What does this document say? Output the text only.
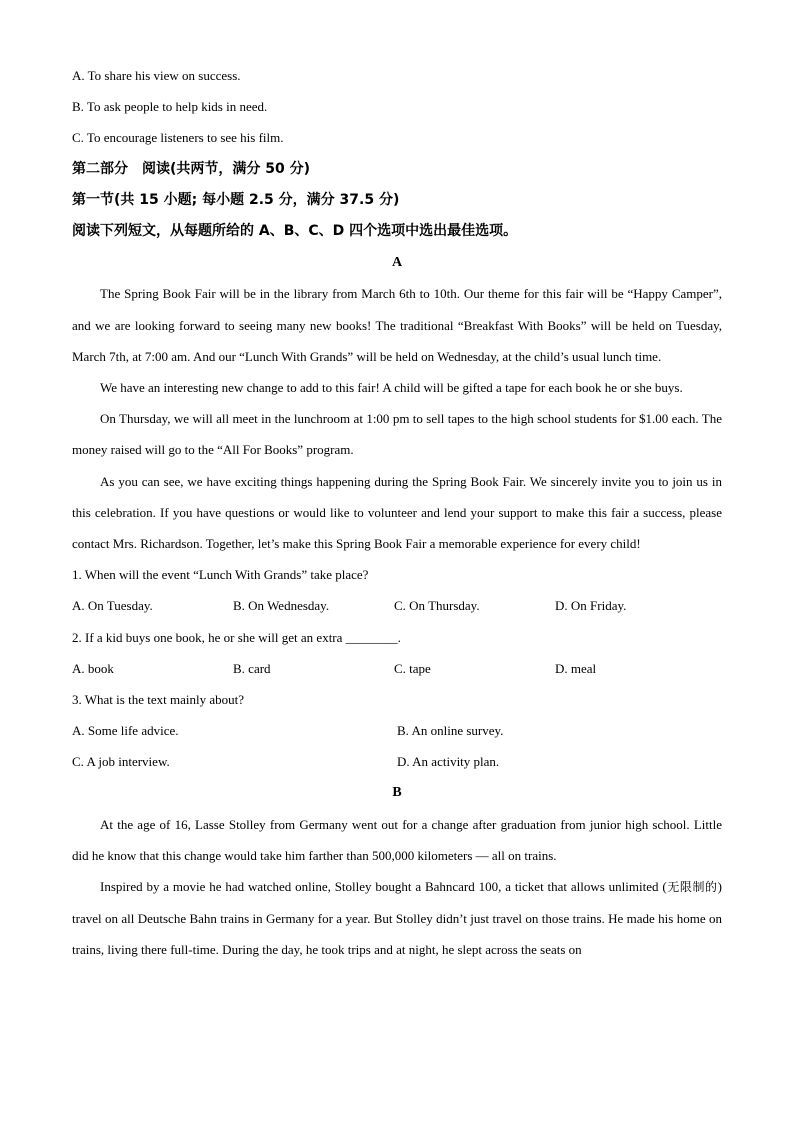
A. To share his view on success.
B. To ask people to help kids in need.
C. To encourage listeners to see his film.
第二部分　阅读(共两节，满分 50 分)
第一节(共 15 小题; 每小题 2.5 分，满分 37.5 分)
阅读下列短文，从每题所给的 A、B、C、D 四个选项中选出最佳选项。
A

The Spring Book Fair will be in the library from March 6th to 10th. Our theme for this fair will be “Happy Camper”, and we are looking forward to seeing many new books! The traditional “Breakfast With Books” will be held on Tuesday, March 7th, at 7:00 am. And our “Lunch With Grands” will be held on Wednesday, at the child’s usual lunch time.

We have an interesting new change to add to this fair! A child will be gifted a tape for each book he or she buys.

On Thursday, we will all meet in the lunchroom at 1:00 pm to sell tapes to the high school students for $1.00 each. The money raised will go to the “All For Books” program.

As you can see, we have exciting things happening during the Spring Book Fair. We sincerely invite you to join us in this celebration. If you have questions or would like to volunteer and lend your support to make this fair a success, please contact Mrs. Richardson. Together, let’s make this Spring Book Fair a memorable experience for every child!

1. When will the event “Lunch With Grands” take place?
A. On Tuesday.	B. On Wednesday.	C. On Thursday.	D. On Friday.
2. If a kid buys one book, he or she will get an extra ________.
A. book	B. card	C. tape	D. meal
3. What is the text mainly about?
A. Some life advice.	B. An online survey.
C. A job interview.	D. An activity plan.
B

At the age of 16, Lasse Stolley from Germany went out for a change after graduation from junior high school. Little did he know that this change would take him farther than 500,000 kilometers — all on trains.

Inspired by a movie he had watched online, Stolley bought a Bahncard 100, a ticket that allows unlimited (无限制的) travel on all Deutsche Bahn trains in Germany for a year. But Stolley didn’t just travel on those trains. He made his home on trains, living there full-time. During the day, he took trips and at night, he slept across the seats on
